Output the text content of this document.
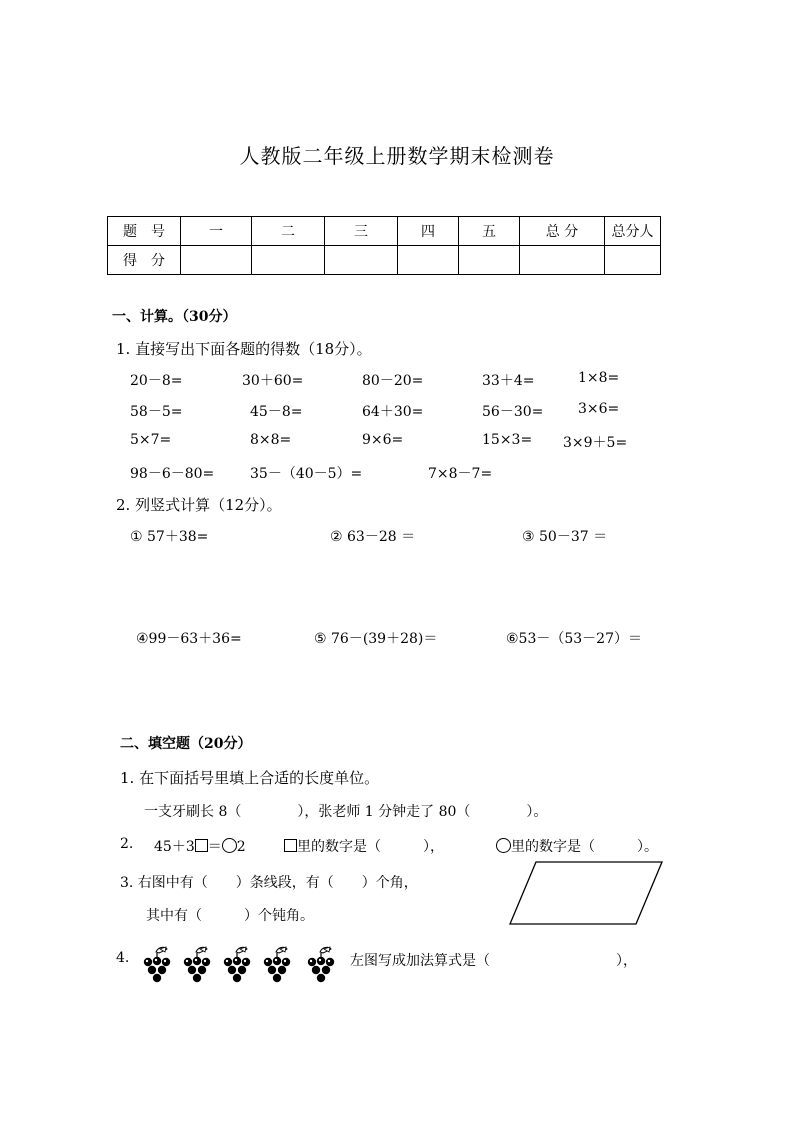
人教版二年级上册数学期末检测卷
题　号	一	二	三	四	五	总 分	总分人
得　分							
一、计算。（30分）
1. 直接写出下面各题的得数（18分）。
20－8=	30＋60=	80－20=	33＋4=	1×8=
58－5=	45－8=	64＋30=	56－30= 3×6=
5×7=	8×8=	9×6=	15×3= 3×9＋5=
98－6－80=	35－（40－5）=	7×8－7=
2. 列竖式计算（12分）。
① 57＋38=	② 63－28 ＝	③ 50－37 ＝
④99－63＋36=	⑤ 76－(39＋28)＝	⑥53－（53－27）＝
二、填空题（20分）
1. 在下面括号里填上合适的长度单位。
一支牙刷长 8（　　　　），张老师 1 分钟走了 80（　　　　）。
2. 45＋3 ＝ 2	里的数字是（　　　），	里的数字是（　　　）。
3. 右图中有（　　）条线段，有（　　）个角，
其中有（　　　）个钝角。
4.	左图写成加法算式是（　　　　　　　　　），
